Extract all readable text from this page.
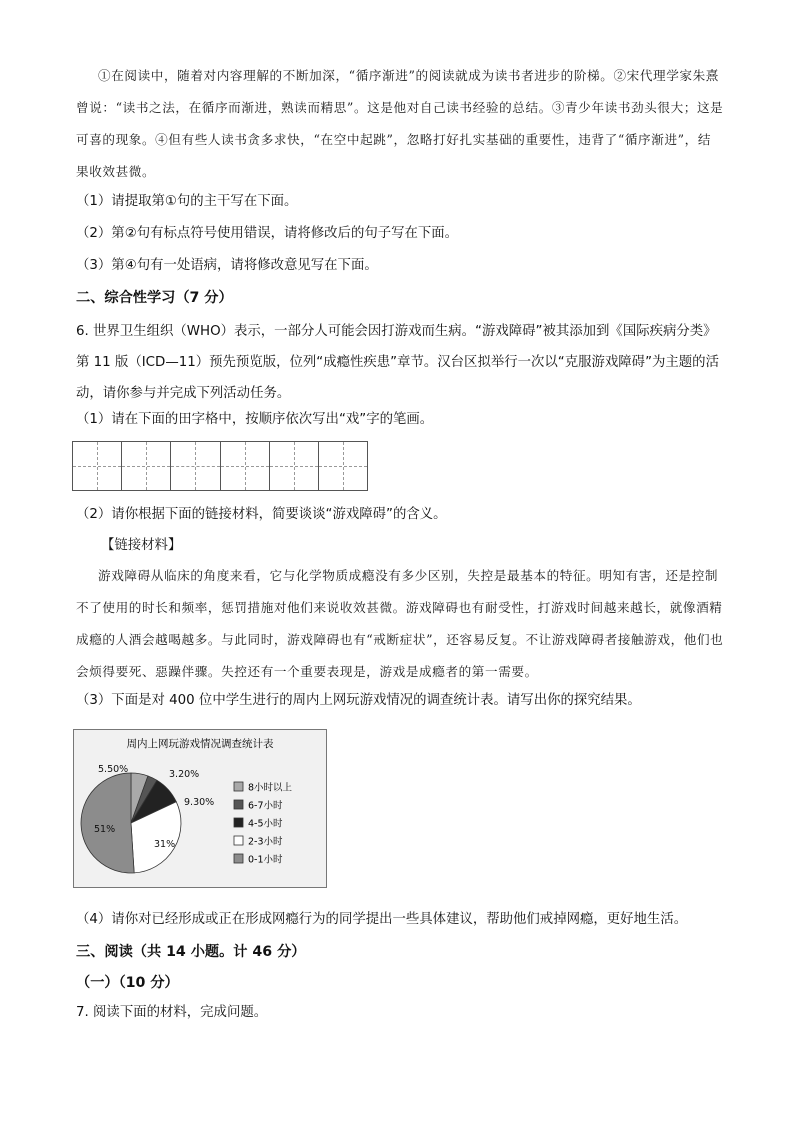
①在阅读中，随着对内容理解的不断加深，“循序渐进”的阅读就成为读书者进步的阶梯。②宋代理学家朱熹曾说：“读书之法，在循序而渐进，熟读而精思”。这是他对自己读书经验的总结。③青少年读书劲头很大；这是可喜的现象。④但有些人读书贪多求快，“在空中起跳”，忽略打好扎实基础的重要性，违背了“循序渐进”，结果收效甚微。
（1）请提取第①句的主干写在下面。
（2）第②句有标点符号使用错误，请将修改后的句子写在下面。
（3）第④句有一处语病，请将修改意见写在下面。
二、综合性学习（7 分）
6. 世界卫生组织（WHO）表示，一部分人可能会因打游戏而生病。“游戏障碍”被其添加到《国际疾病分类》第 11 版（ICD—11）预先预览版，位列“成瘾性疾患”章节。汉台区拟举行一次以“克服游戏障碍”为主题的活动，请你参与并完成下列活动任务。
（1）请在下面的田字格中，按顺序依次写出“戏”字的笔画。
（2）请你根据下面的链接材料，简要谈谈“游戏障碍”的含义。
【链接材料】
游戏障碍从临床的角度来看，它与化学物质成瘾没有多少区别，失控是最基本的特征。明知有害，还是控制不了使用的时长和频率，惩罚措施对他们来说收效甚微。游戏障碍也有耐受性，打游戏时间越来越长，就像酒精成瘾的人酒会越喝越多。与此同时，游戏障碍也有“戒断症状”，还容易反复。不让游戏障碍者接触游戏，他们也会烦得要死、惡躁伴骤。失控还有一个重要表现是，游戏是成瘾者的第一需要。
（3）下面是对 400 位中学生进行的周内上网玩游戏情况的调查统计表。请写出你的探究结果。
周内上网玩游戏情况调查统计表
5.50%	3.20%
9.30%
31%
51%
8小时以上
6-7小时
4-5小时
2-3小时
0-1小时
（4）请你对已经形成或正在形成网瘾行为的同学提出一些具体建议，帮助他们戒掉网瘾，更好地生活。
三、阅读（共 14 小题。计 46 分）
（一）（10 分）
7. 阅读下面的材料，完成问题。
